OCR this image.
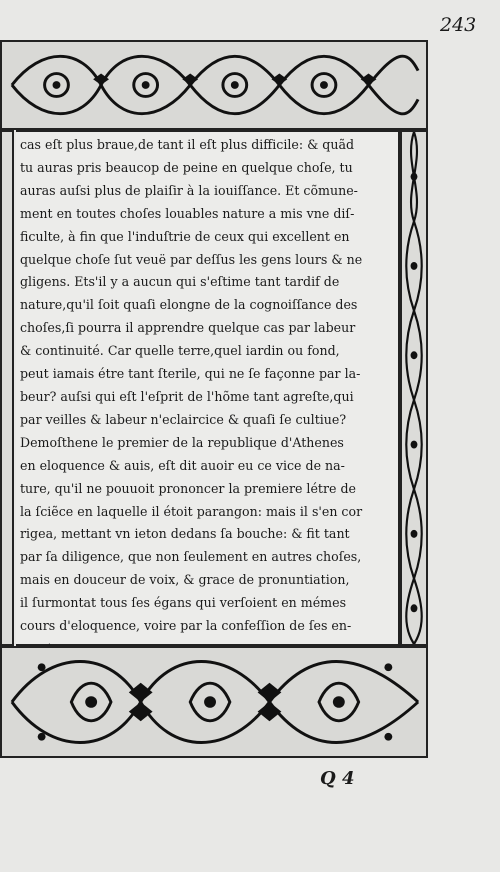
243
cas eſt plus braue,de tant il eſt plus difficile: & quãd
tu auras pris beaucop de peine en quelque choſe, tu
auras auſsi plus de plaiſir à la iouiſſance. Et cõmune-
ment en toutes choſes louables nature a mis vne diſ-
ficulte, à fin que l'induſtrie de ceux qui excellent en
quelque choſe ſut veuë par deſſus les gens lours & ne
gligens. Ets'il y a aucun qui s'eſtime tant tardif de
nature,qu'il ſoit quaſi elongne de la cognoiſſance des
choſes,ſi pourra il apprendre quelque cas par labeur
& continuité. Car quelle terre,quel iardin ou fond,
peut iamais étre tant ſterile, qui ne ſe façonne par la-
beur? auſsi qui eſt l'eſprit de l'hõme tant agreſte,qui
par veilles & labeur n'eclaircice & quaſi ſe cultiue?
Demoſthene le premier de la republique d'Athenes
en eloquence & auis, eſt dit auoir eu ce vice de na-
ture, qu'il ne pouuoit prononcer la premiere létre de
la ſciẽce en laquelle il étoit parangon: mais il s'en cor
rigea, mettant vn ieton dedans ſa bouche: & fit tant
par ſa diligence, que non ſeulement en autres choſes,
mais en douceur de voix, & grace de pronuntiation,
il ſurmontat tous ſes égans qui verſoient en mémes
cours d'eloquence, voire par la confeſſion de ſes en-
Q 4
